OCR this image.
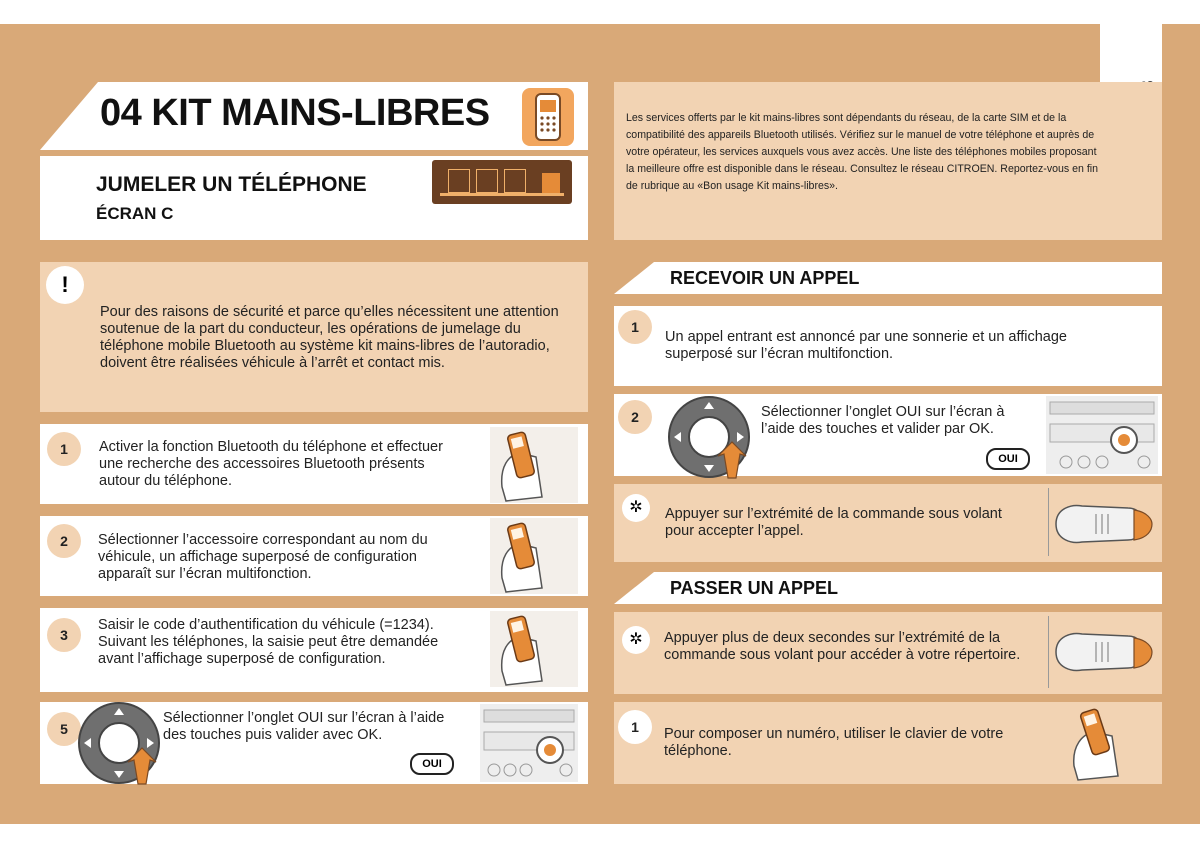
04 KIT MAINS-LIBRES
JUMELER UN TÉLÉPHONE
ÉCRAN C
Les services offerts par le kit mains-libres sont dépendants du réseau, de la carte SIM et de la compatibilité des appareils Bluetooth utilisés. Vérifiez sur le manuel de votre téléphone et auprès de votre opérateur, les services auxquels vous avez accès. Une liste des téléphones mobiles proposant la meilleure offre est disponible dans le réseau. Consultez le réseau CITROEN. Reportez-vous en fin de rubrique au «Bon usage Kit mains-libres».
!
Pour des raisons de sécurité et parce qu’elles nécessitent une attention soutenue de la part du conducteur, les opérations de jumelage du téléphone mobile Bluetooth au système kit mains-libres de l’autoradio, doivent être réalisées véhicule à l’arrêt et contact mis.
1	Activer la fonction Bluetooth du téléphone et effectuer une recherche des accessoires Bluetooth présents autour du téléphone.
2	Sélectionner l’accessoire correspondant au nom du véhicule, un affichage superposé de configuration apparaît sur l’écran multifonction.
3
Saisir le code d’authentification du véhicule (=1234). Suivant les téléphones, la saisie peut être demandée avant l’affichage superposé de configuration.
5
Sélectionner l’onglet OUI sur l’écran à l’aide des touches puis valider avec OK.
OUI
RECEVOIR UN APPEL
1
Un appel entrant est annoncé par une sonnerie et un affichage superposé sur l’écran multifonction.
2	Sélectionner l’onglet OUI sur l’écran à l’aide des touches et valider par OK.
OUI
✲	Appuyer sur l’extrémité de la commande sous volant pour accepter l’appel.
PASSER UN APPEL
✲	Appuyer plus de deux secondes sur l’extrémité de la commande sous volant pour accéder à votre répertoire.
1	Pour composer un numéro, utiliser le clavier de votre téléphone.
